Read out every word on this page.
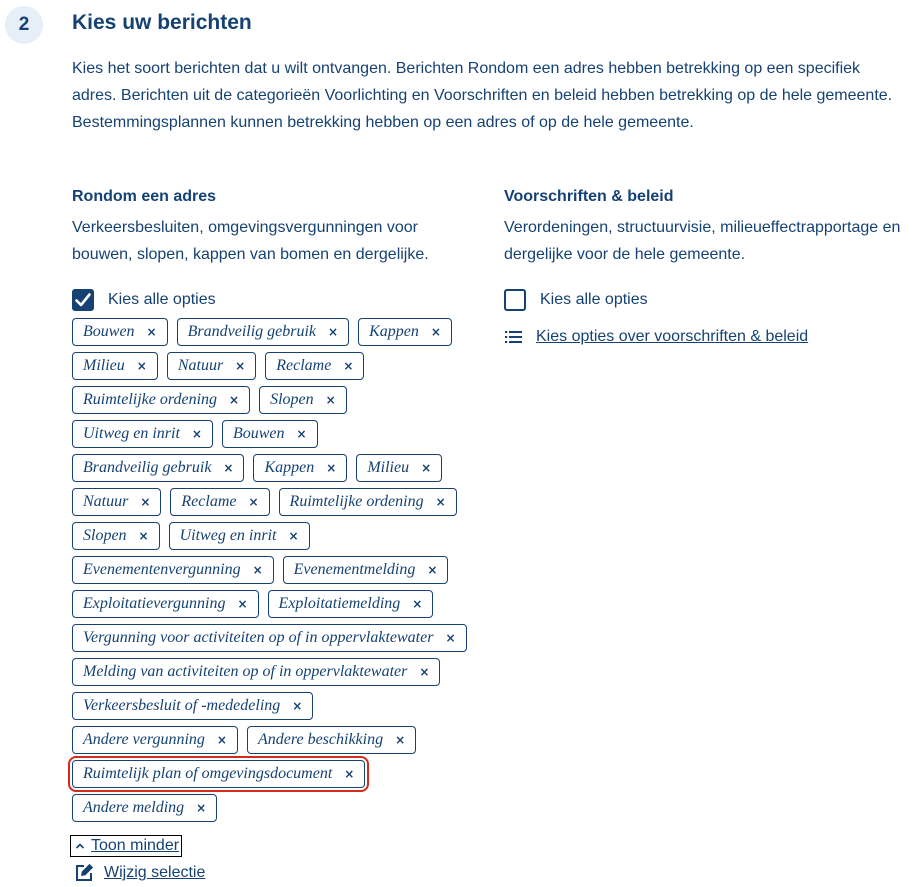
2	Kies uw berichten

Kies het soort berichten dat u wilt ontvangen. Berichten Rondom een adres hebben betrekking op een specifiek adres. Berichten uit de categorieën Voorlichting en Voorschriften en beleid hebben betrekking op de hele gemeente. Bestemmingsplannen kunnen betrekking hebben op een adres of op de hele gemeente.

Rondom een adres

Verkeersbesluiten, omgevingsvergunningen voor bouwen, slopen, kappen van bomen en dergelijke.

Kies alle opties
Bouwen × Brandveilig gebruik × Kappen ×
Milieu × Natuur × Reclame ×
Ruimtelijke ordening × Slopen ×
Uitweg en inrit × Bouwen ×
Brandveilig gebruik × Kappen × Milieu ×
Natuur × Reclame × Ruimtelijke ordening ×
Slopen × Uitweg en inrit ×
Evenementenvergunning × Evenementmelding ×
Exploitatievergunning × Exploitatiemelding ×
Vergunning voor activiteiten op of in oppervlaktewater ×
Melding van activiteiten op of in oppervlaktewater ×
Verkeersbesluit of -mededeling ×
Andere vergunning × Andere beschikking ×
Ruimtelijk plan of omgevingsdocument ×
Andere melding ×
Toon minder
Wijzig selectie
Voorschriften & beleid

Verordeningen, structuurvisie, milieueffectrapportage en dergelijke voor de hele gemeente.

Kies alle opties
Kies opties over voorschriften & beleid
